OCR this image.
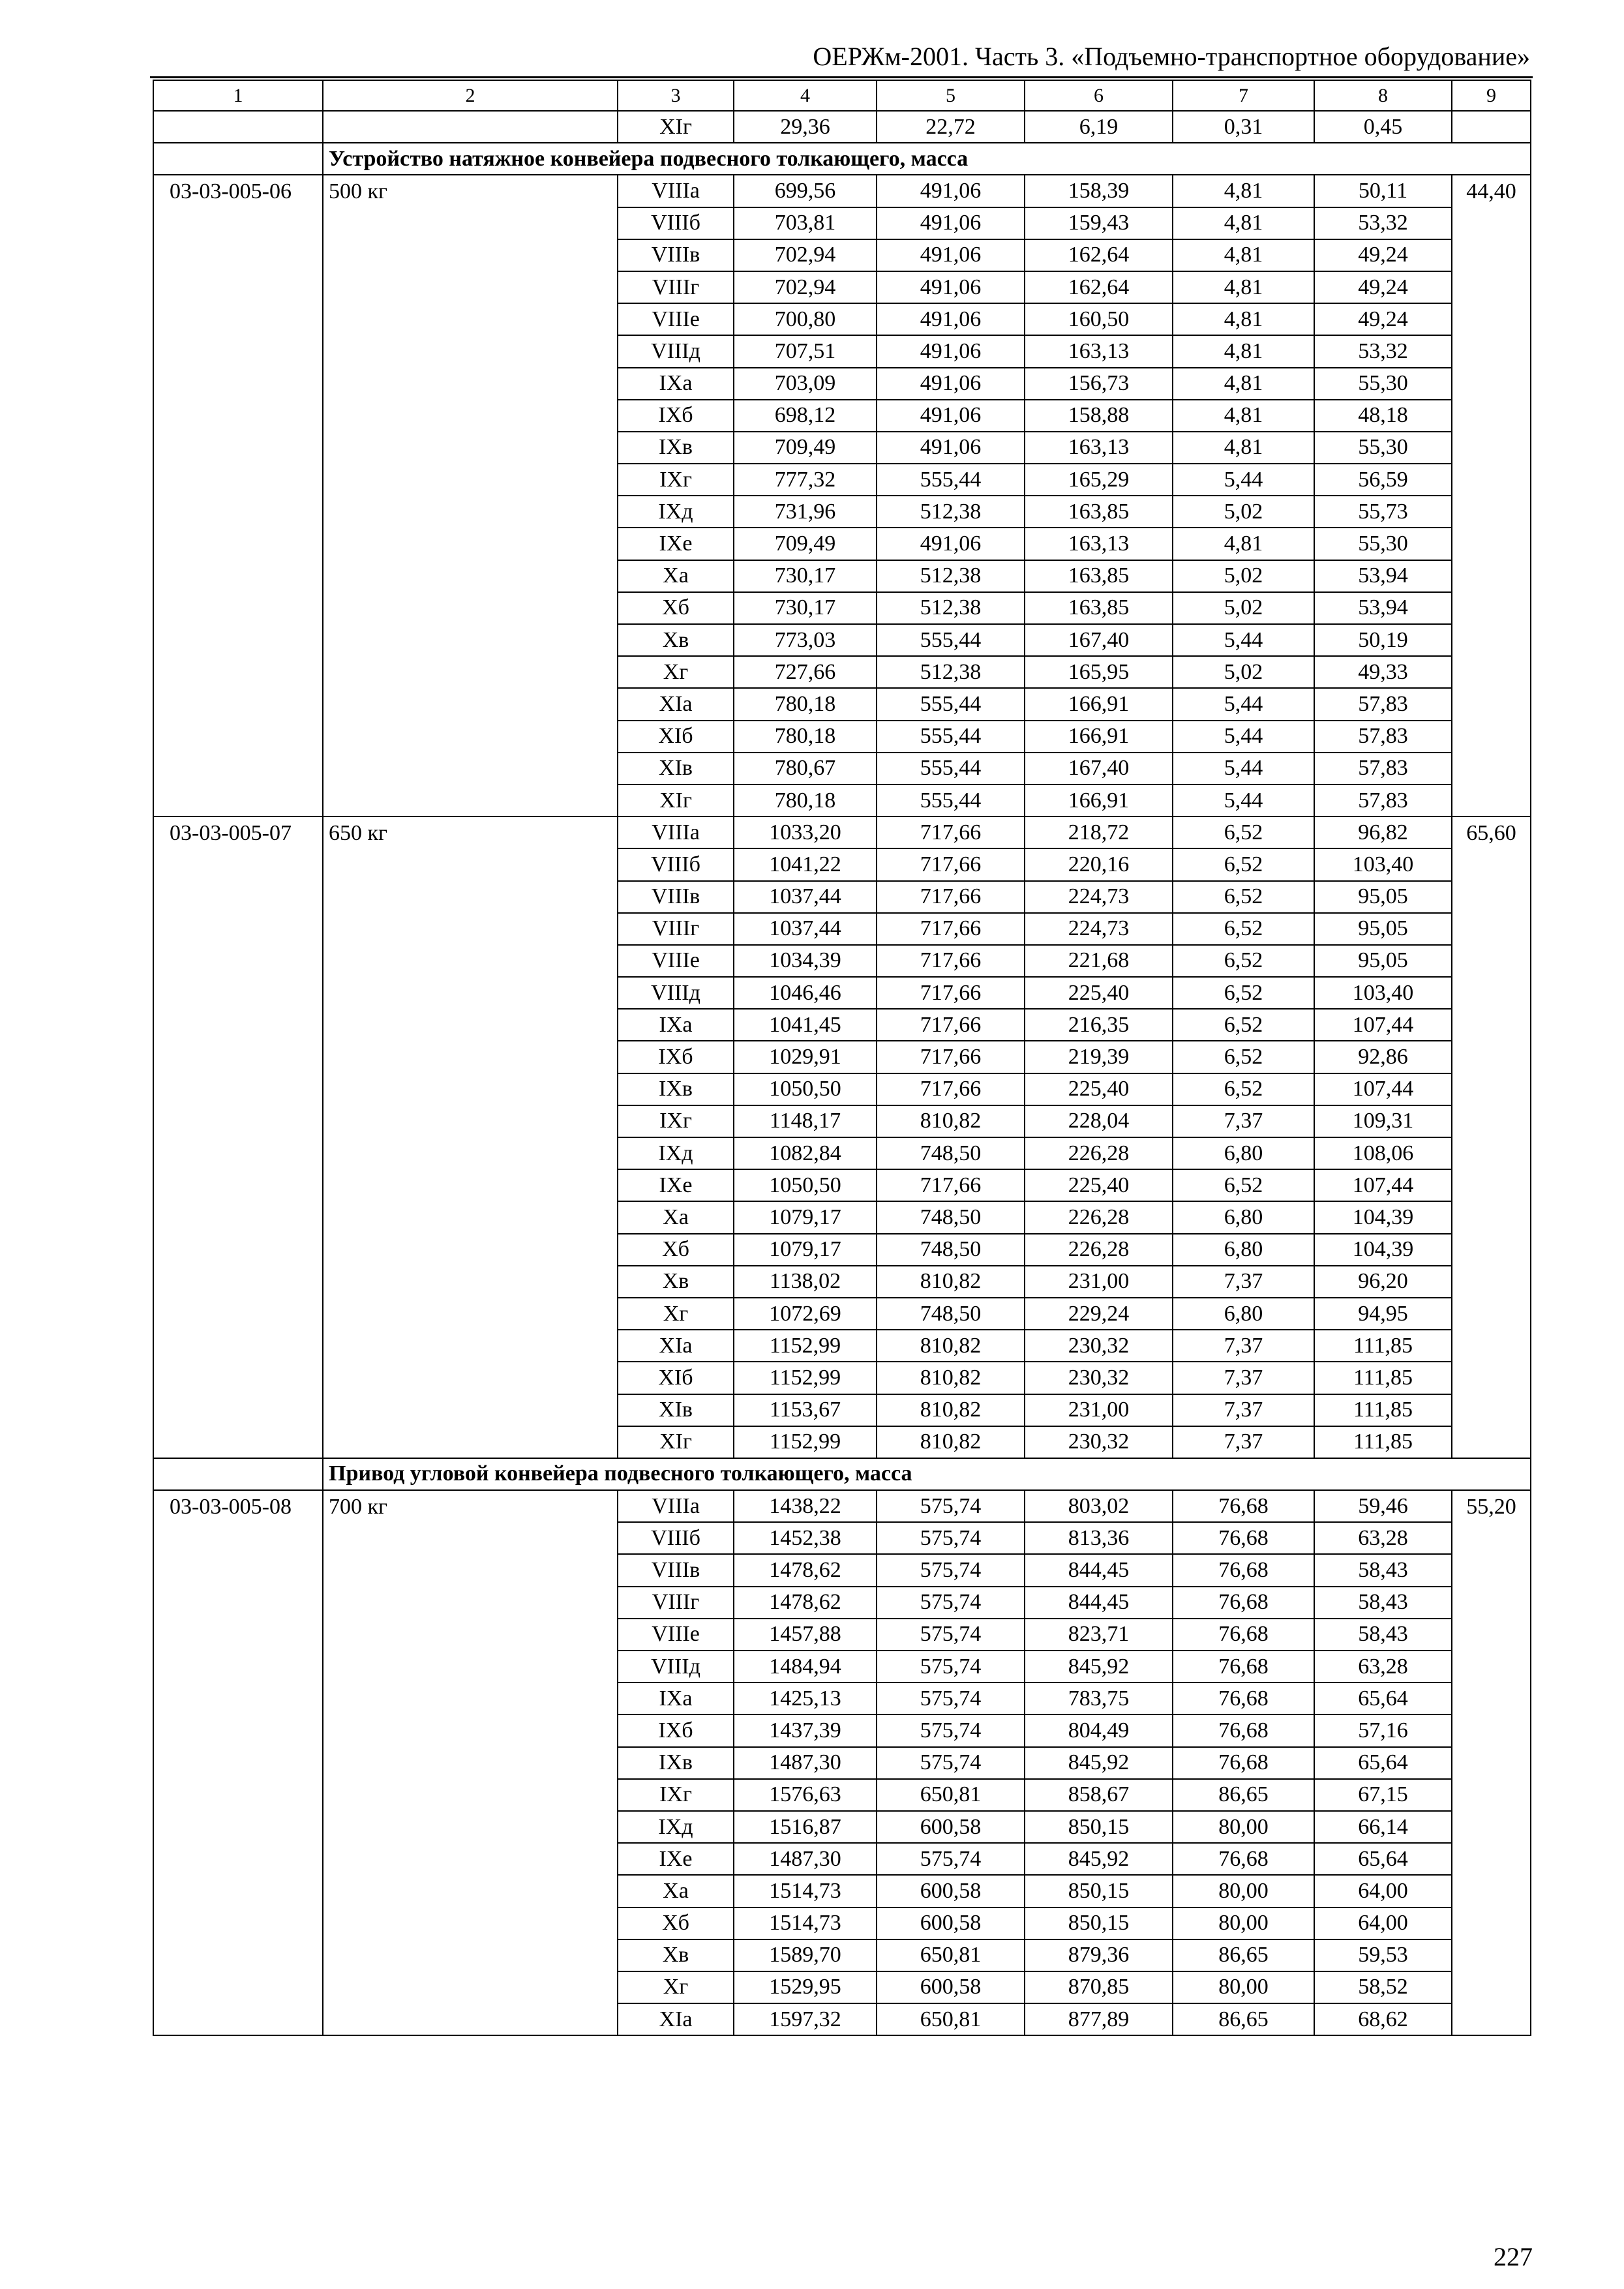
ОЕРЖм-2001. Часть 3. «Подъемно-транспортное оборудование»
1	2	3	4	5	6	7	8	9
		XIг	29,36	22,72	6,19	0,31	0,45	
	Устройство натяжное конвейера подвесного толкающего, масса							
03-03-005-06	500 кг	VIIIа	699,56	491,06	158,39	4,81	50,11	44,40
		VIIIб	703,81	491,06	159,43	4,81	53,32	
		VIIIв	702,94	491,06	162,64	4,81	49,24	
		VIIIг	702,94	491,06	162,64	4,81	49,24	
		VIIIе	700,80	491,06	160,50	4,81	49,24	
		VIIIд	707,51	491,06	163,13	4,81	53,32	
		IXа	703,09	491,06	156,73	4,81	55,30	
		IXб	698,12	491,06	158,88	4,81	48,18	
		IXв	709,49	491,06	163,13	4,81	55,30	
		IXг	777,32	555,44	165,29	5,44	56,59	
		IXд	731,96	512,38	163,85	5,02	55,73	
		IXе	709,49	491,06	163,13	4,81	55,30	
		Xа	730,17	512,38	163,85	5,02	53,94	
		Xб	730,17	512,38	163,85	5,02	53,94	
		Xв	773,03	555,44	167,40	5,44	50,19	
		Xг	727,66	512,38	165,95	5,02	49,33	
		XIа	780,18	555,44	166,91	5,44	57,83	
		XIб	780,18	555,44	166,91	5,44	57,83	
		XIв	780,67	555,44	167,40	5,44	57,83	
		XIг	780,18	555,44	166,91	5,44	57,83	
03-03-005-07	650 кг	VIIIа	1033,20	717,66	218,72	6,52	96,82	65,60
		VIIIб	1041,22	717,66	220,16	6,52	103,40	
		VIIIв	1037,44	717,66	224,73	6,52	95,05	
		VIIIг	1037,44	717,66	224,73	6,52	95,05	
		VIIIе	1034,39	717,66	221,68	6,52	95,05	
		VIIIд	1046,46	717,66	225,40	6,52	103,40	
		IXа	1041,45	717,66	216,35	6,52	107,44	
		IXб	1029,91	717,66	219,39	6,52	92,86	
		IXв	1050,50	717,66	225,40	6,52	107,44	
		IXг	1148,17	810,82	228,04	7,37	109,31	
		IXд	1082,84	748,50	226,28	6,80	108,06	
		IXе	1050,50	717,66	225,40	6,52	107,44	
		Xа	1079,17	748,50	226,28	6,80	104,39	
		Xб	1079,17	748,50	226,28	6,80	104,39	
		Xв	1138,02	810,82	231,00	7,37	96,20	
		Xг	1072,69	748,50	229,24	6,80	94,95	
		XIа	1152,99	810,82	230,32	7,37	111,85	
		XIб	1152,99	810,82	230,32	7,37	111,85	
		XIв	1153,67	810,82	231,00	7,37	111,85	
		XIг	1152,99	810,82	230,32	7,37	111,85	
	Привод угловой конвейера подвесного толкающего, масса							
03-03-005-08	700 кг	VIIIа	1438,22	575,74	803,02	76,68	59,46	55,20
		VIIIб	1452,38	575,74	813,36	76,68	63,28	
		VIIIв	1478,62	575,74	844,45	76,68	58,43	
		VIIIг	1478,62	575,74	844,45	76,68	58,43	
		VIIIе	1457,88	575,74	823,71	76,68	58,43	
		VIIIд	1484,94	575,74	845,92	76,68	63,28	
		IXа	1425,13	575,74	783,75	76,68	65,64	
		IXб	1437,39	575,74	804,49	76,68	57,16	
		IXв	1487,30	575,74	845,92	76,68	65,64	
		IXг	1576,63	650,81	858,67	86,65	67,15	
		IXд	1516,87	600,58	850,15	80,00	66,14	
		IXе	1487,30	575,74	845,92	76,68	65,64	
		Xа	1514,73	600,58	850,15	80,00	64,00	
		Xб	1514,73	600,58	850,15	80,00	64,00	
		Xв	1589,70	650,81	879,36	86,65	59,53	
		Xг	1529,95	600,58	870,85	80,00	58,52	
		XIа	1597,32	650,81	877,89	86,65	68,62	
227
